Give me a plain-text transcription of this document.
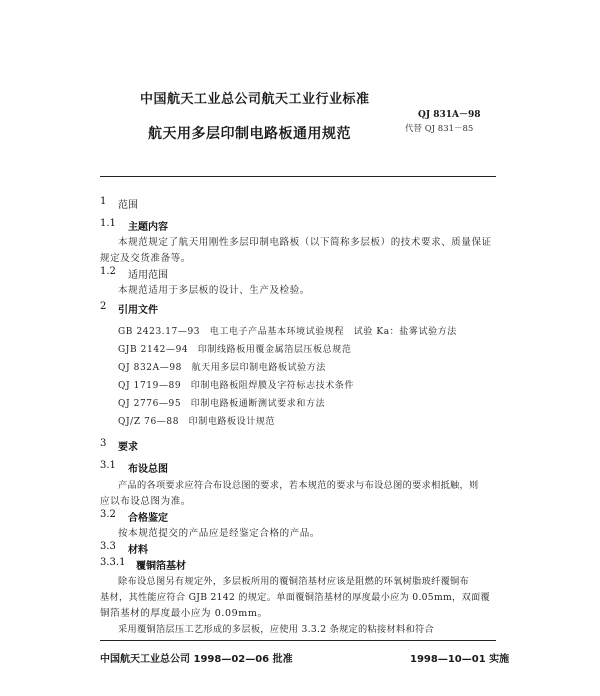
中国航天工业总公司航天工业行业标准
QJ 831A－98
航天用多层印制电路板通用规范	代替 QJ 831－85
1 范围
1.1 主题内容
本规范规定了航天用刚性多层印制电路板（以下简称多层板）的技术要求、质量保证
规定及交货准备等。
1.2 适用范围
本规范适用于多层板的设计、生产及检验。
2 引用文件
GB 2423.17—93　电工电子产品基本环境试验规程　试验 Ka：盐雾试验方法
GJB 2142—94　印制线路板用覆金属箔层压板总规范
QJ 832A—98　航天用多层印制电路板试验方法
QJ 1719—89　印制电路板阻焊膜及字符标志技术条件
QJ 2776—95　印制电路板通断测试要求和方法
QJ/Z 76—88　印制电路板设计规范
3 要求
3.1 布设总图
产品的各项要求应符合布设总图的要求，若本规范的要求与布设总图的要求相抵触，则
应以布设总图为准。
3.2 合格鉴定
按本规范提交的产品应是经鉴定合格的产品。
3.3 材料
3.3.1 覆铜箔基材
除布设总图另有规定外，多层板所用的覆铜箔基材应该是阻燃的环氧树脂玻纤覆铜布
基材，其性能应符合 GJB 2142 的规定。单面覆铜箔基材的厚度最小应为 0.05mm，双面覆
铜箔基材的厚度最小应为 0.09mm。
采用覆铜箔层压工艺形成的多层板，应使用 3.3.2 条规定的粘接材料和符合
中国航天工业总公司 1998—02—06 批准	1998—10—01 实施
